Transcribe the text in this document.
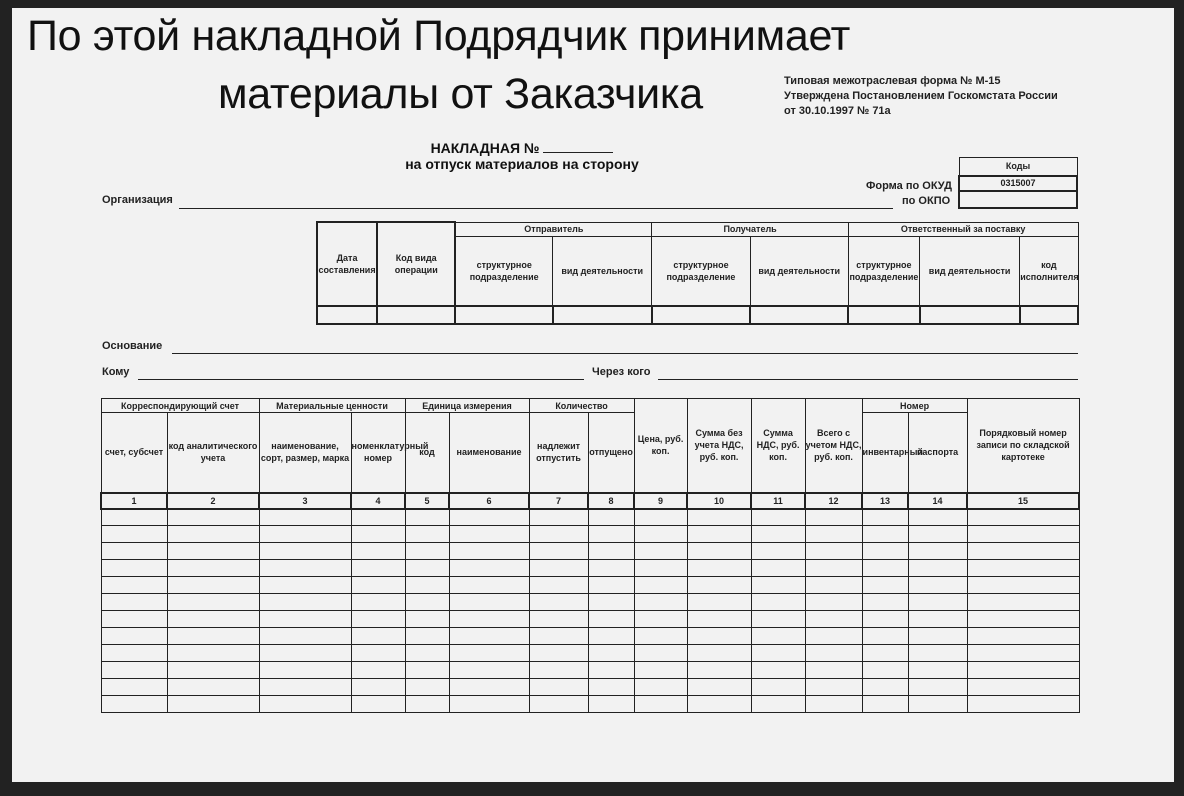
По этой накладной Подрядчик принимает
материалы от Заказчика	Типовая межотраслевая форма № М-15
Утверждена Постановлением Госкомстата России
от 30.10.1997 № 71а
НАКЛАДНАЯ №
на отпуск материалов на сторону
Форма по ОКУД
по ОКПО
Коды
0315007

Организация
Дата составления	Код вида операции	Отправитель		Получатель		Ответственный за поставку		
		структурное подразделение	вид деятельности	структурное подразделение	вид деятельности	структурное подразделение	вид деятельности	код исполнителя

Основание
Кому	Через кого
Корреспондирующий счет		Материальные ценности		Единица измерения		Количество		Цена, руб. коп.	Сумма без учета НДС, руб. коп.	Сумма НДС, руб. коп.	Всего с учетом НДС, руб. коп.	Номер		Порядковый номер записи по складской картотеке
счет, субсчет	код аналитического учета	наименование, сорт, размер, марка	номенклатурный номер	код	наименование	надлежит отпустить	отпущено					инвентарный	паспорта	
1	2	3	4	5	6	7	8	9	10	11	12	13	14	15
